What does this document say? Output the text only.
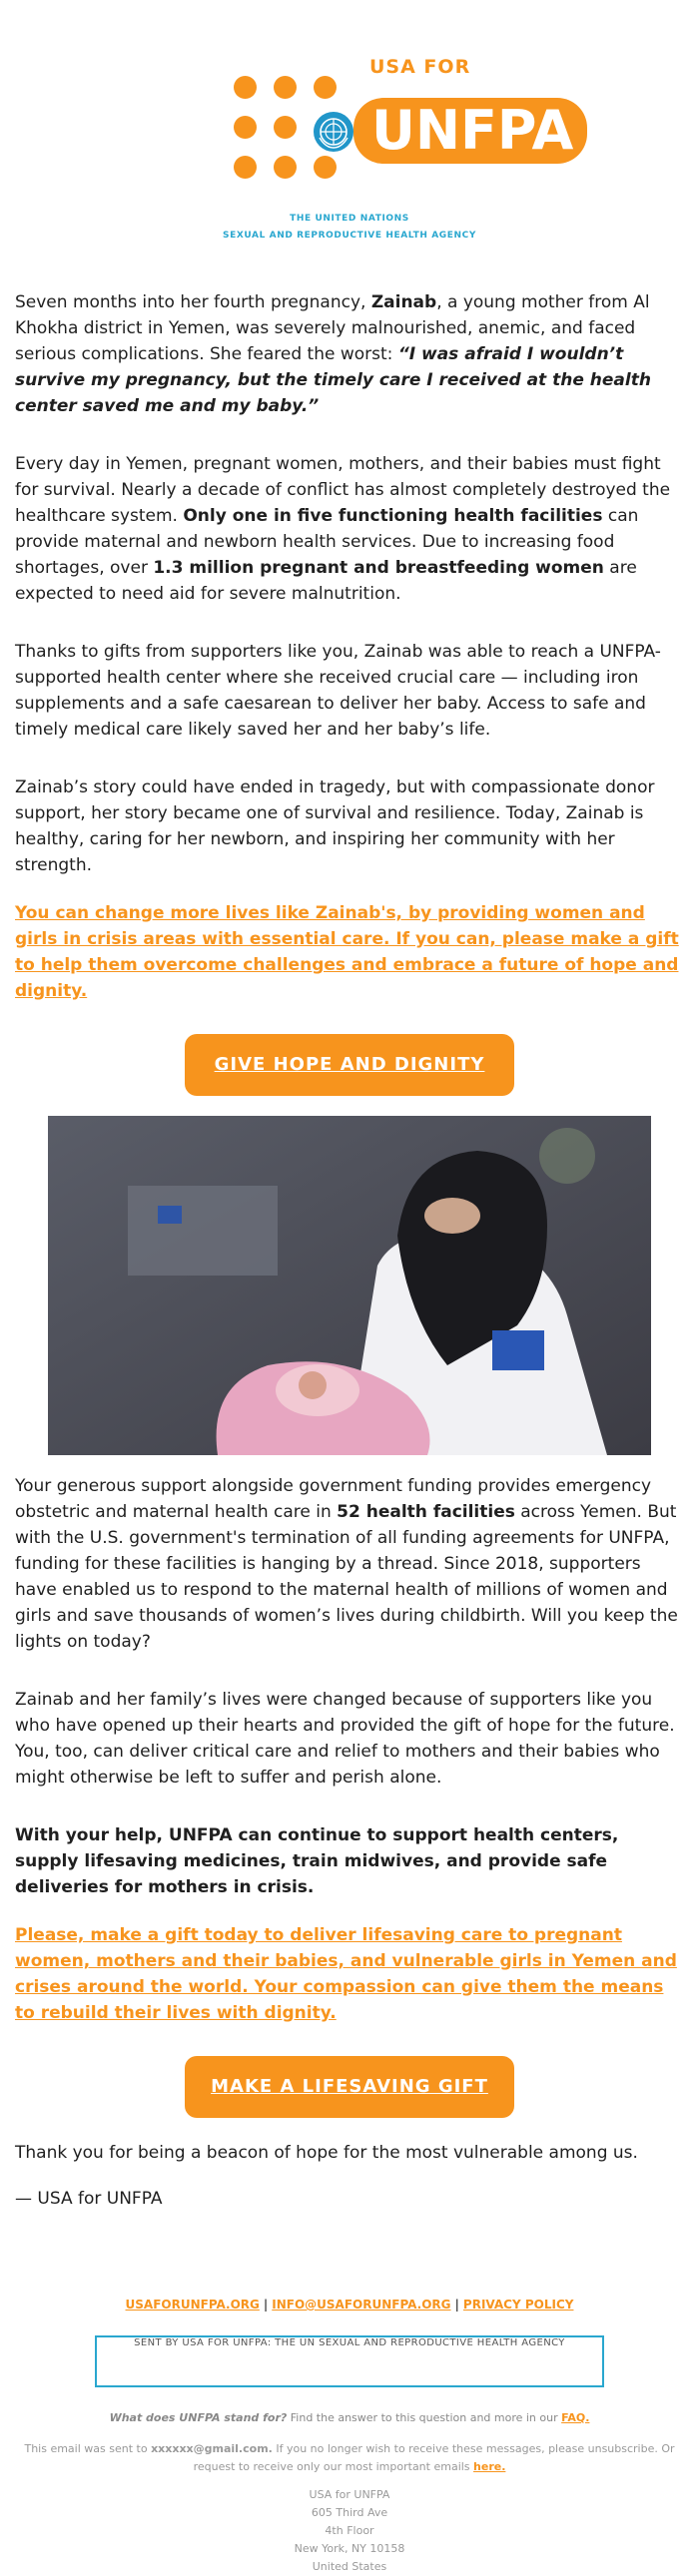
USA FOR
UNFPA
THE UNITED NATIONS
SEXUAL AND REPRODUCTIVE HEALTH AGENCY

Seven months into her fourth pregnancy, Zainab, a young mother from Al Khokha district in Yemen, was severely malnourished, anemic, and faced serious complications. She feared the worst: “I was afraid I wouldn’t survive my pregnancy, but the timely care I received at the health center saved me and my baby.”

Every day in Yemen, pregnant women, mothers, and their babies must fight for survival. Nearly a decade of conflict has almost completely destroyed the healthcare system. Only one in five functioning health facilities can provide maternal and newborn health services. Due to increasing food shortages, over 1.3 million pregnant and breastfeeding women are expected to need aid for severe malnutrition.

Thanks to gifts from supporters like you, Zainab was able to reach a UNFPA-supported health center where she received crucial care — including iron supplements and a safe caesarean to deliver her baby. Access to safe and timely medical care likely saved her and her baby’s life.

Zainab’s story could have ended in tragedy, but with compassionate donor support, her story became one of survival and resilience. Today, Zainab is healthy, caring for her newborn, and inspiring her community with her strength.

You can change more lives like Zainab's, by providing women and girls in crisis areas with essential care. If you can, please make a gift to help them overcome challenges and embrace a future of hope and dignity.
GIVE HOPE AND DIGNITY

Your generous support alongside government funding provides emergency obstetric and maternal health care in 52 health facilities across Yemen. But with the U.S. government's termination of all funding agreements for UNFPA, funding for these facilities is hanging by a thread. Since 2018, supporters have enabled us to respond to the maternal health of millions of women and girls and save thousands of women’s lives during childbirth. Will you keep the lights on today?

Zainab and her family’s lives were changed because of supporters like you who have opened up their hearts and provided the gift of hope for the future. You, too, can deliver critical care and relief to mothers and their babies who might otherwise be left to suffer and perish alone.

With your help, UNFPA can continue to support health centers, supply lifesaving medicines, train midwives, and provide safe deliveries for mothers in crisis.

Please, make a gift today to deliver lifesaving care to pregnant women, mothers and their babies, and vulnerable girls in Yemen and crises around the world. Your compassion can give them the means to rebuild their lives with dignity.
MAKE A LIFESAVING GIFT

Thank you for being a beacon of hope for the most vulnerable among us.

— USA for UNFPA

USAFORUNFPA.ORG | INFO@USAFORUNFPA.ORG | PRIVACY POLICY
SENT BY USA FOR UNFPA: THE UN SEXUAL AND REPRODUCTIVE HEALTH AGENCY
What does UNFPA stand for? Find the answer to this question and more in our FAQ.
This email was sent to xxxxxx@gmail.com. If you no longer wish to receive these messages, please unsubscribe. Or request to receive only our most important emails here.
USA for UNFPA
605 Third Ave
4th Floor
New York, NY 10158
United States
